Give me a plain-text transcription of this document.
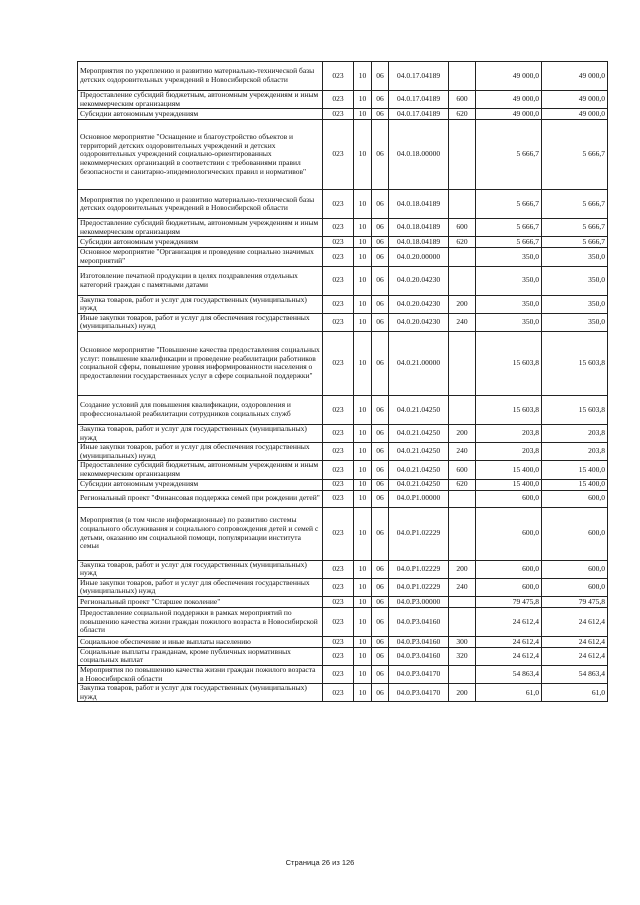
Мероприятия по укреплению и развитию материально-технической базы детских оздоровительных учреждений в Новосибирской области	023	10	06	04.0.17.04189		49 000,0	49 000,0
Предоставление субсидий бюджетным, автономным учреждениям и иным некоммерческим организациям	023	10	06	04.0.17.04189	600	49 000,0	49 000,0
Субсидии автономным учреждениям	023	10	06	04.0.17.04189	620	49 000,0	49 000,0
Основное мероприятие "Оснащение и благоустройство объектов и территорий детских оздоровительных учреждений и детских оздоровительных учреждений социально-ориентированных некоммерческих организаций в соответствии с требованиями правил безопасности и санитарно-эпидемиологических правил и нормативов"	023	10	06	04.0.18.00000		5 666,7	5 666,7
Мероприятия по укреплению и развитию материально-технической базы детских оздоровительных учреждений в Новосибирской области	023	10	06	04.0.18.04189		5 666,7	5 666,7
Предоставление субсидий бюджетным, автономным учреждениям и иным некоммерческим организациям	023	10	06	04.0.18.04189	600	5 666,7	5 666,7
Субсидии автономным учреждениям	023	10	06	04.0.18.04189	620	5 666,7	5 666,7
Основное мероприятие "Организация и проведение социально значимых мероприятий"	023	10	06	04.0.20.00000		350,0	350,0
Изготовление печатной продукции в целях поздравления отдельных категорий граждан с памятными датами	023	10	06	04.0.20.04230		350,0	350,0
Закупка товаров, работ и услуг для государственных (муниципальных) нужд	023	10	06	04.0.20.04230	200	350,0	350,0
Иные закупки товаров, работ и услуг для обеспечения государственных (муниципальных) нужд	023	10	06	04.0.20.04230	240	350,0	350,0
Основное мероприятие "Повышение качества предоставления социальных услуг: повышение квалификации и проведение реабилитации работников социальной сферы, повышение уровня информированности населения о предоставлении государственных услуг в сфере социальной поддержки"	023	10	06	04.0.21.00000		15 603,8	15 603,8
Создание условий для повышения квалификации, оздоровления и профессиональной реабилитации сотрудников социальных служб	023	10	06	04.0.21.04250		15 603,8	15 603,8
Закупка товаров, работ и услуг для государственных (муниципальных) нужд	023	10	06	04.0.21.04250	200	203,8	203,8
Иные закупки товаров, работ и услуг для обеспечения государственных (муниципальных) нужд	023	10	06	04.0.21.04250	240	203,8	203,8
Предоставление субсидий бюджетным, автономным учреждениям и иным некоммерческим организациям	023	10	06	04.0.21.04250	600	15 400,0	15 400,0
Субсидии автономным учреждениям	023	10	06	04.0.21.04250	620	15 400,0	15 400,0
Региональный проект "Финансовая поддержка семей при рождении детей"	023	10	06	04.0.P1.00000		600,0	600,0
Мероприятия (в том числе информационные) по развитию системы социального обслуживания и социального сопровождения детей и семей с детьми, оказанию им социальной помощи, популяризации института семьи	023	10	06	04.0.P1.02229		600,0	600,0
Закупка товаров, работ и услуг для государственных (муниципальных) нужд	023	10	06	04.0.P1.02229	200	600,0	600,0
Иные закупки товаров, работ и услуг для обеспечения государственных (муниципальных) нужд	023	10	06	04.0.P1.02229	240	600,0	600,0
Региональный проект "Старшее поколение"	023	10	06	04.0.P3.00000		79 475,8	79 475,8
Предоставление социальной поддержки в рамках мероприятий по повышению качества жизни граждан пожилого возраста в Новосибирской области	023	10	06	04.0.P3.04160		24 612,4	24 612,4
Социальное обеспечение и иные выплаты населению	023	10	06	04.0.P3.04160	300	24 612,4	24 612,4
Социальные выплаты гражданам, кроме публичных нормативных социальных выплат	023	10	06	04.0.P3.04160	320	24 612,4	24 612,4
Мероприятия по повышению качества жизни граждан пожилого возраста в Новосибирской области	023	10	06	04.0.P3.04170		54 863,4	54 863,4
Закупка товаров, работ и услуг для государственных (муниципальных) нужд	023	10	06	04.0.P3.04170	200	61,0	61,0
Страница 26 из 126
